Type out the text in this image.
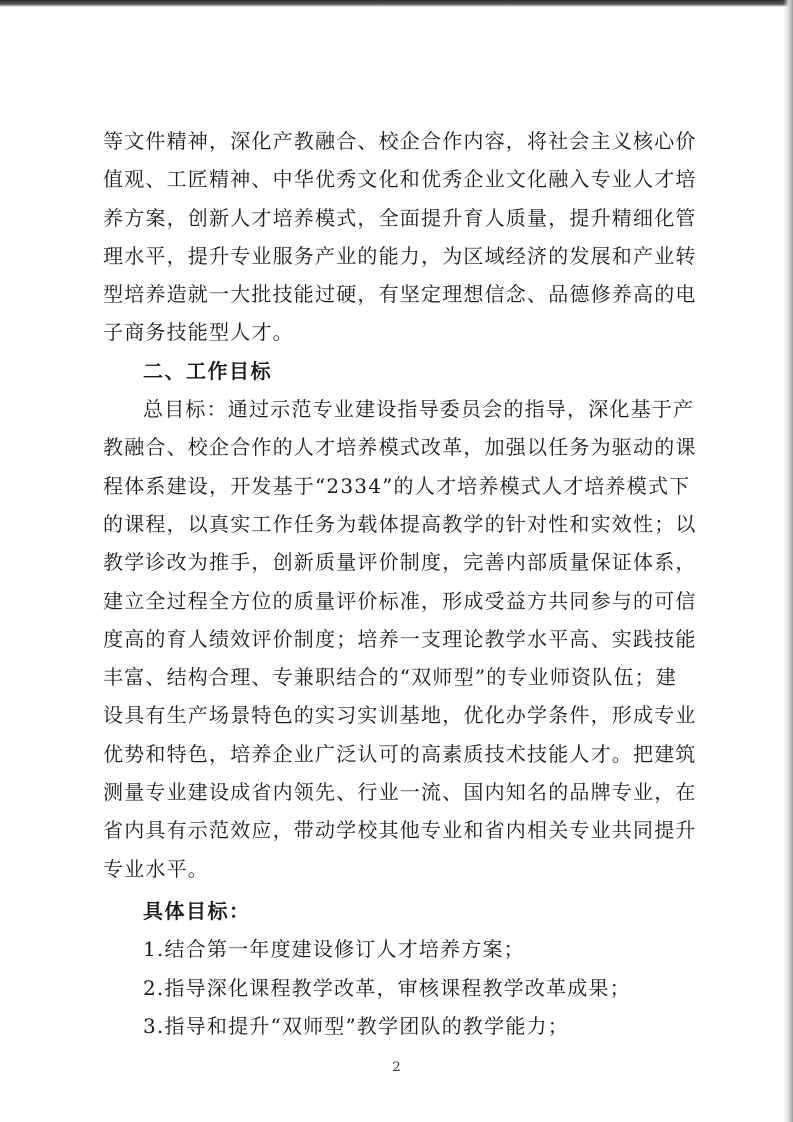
等文件精神，深化产教融合、校企合作内容，将社会主义核心价
值观、工匠精神、中华优秀文化和优秀企业文化融入专业人才培
养方案，创新人才培养模式，全面提升育人质量，提升精细化管
理水平，提升专业服务产业的能力，为区域经济的发展和产业转
型培养造就一大批技能过硬，有坚定理想信念、品德修养高的电
子商务技能型人才。
二、工作目标
总目标：通过示范专业建设指导委员会的指导，深化基于产
教融合、校企合作的人才培养模式改革，加强以任务为驱动的课
程体系建设，开发基于“2334”的人才培养模式人才培养模式下
的课程，以真实工作任务为载体提高教学的针对性和实效性；以
教学诊改为推手，创新质量评价制度，完善内部质量保证体系，
建立全过程全方位的质量评价标准，形成受益方共同参与的可信
度高的育人绩效评价制度；培养一支理论教学水平高、实践技能
丰富、结构合理、专兼职结合的“双师型”的专业师资队伍；建
设具有生产场景特色的实习实训基地，优化办学条件，形成专业
优势和特色，培养企业广泛认可的高素质技术技能人才。把建筑
测量专业建设成省内领先、行业一流、国内知名的品牌专业，在
省内具有示范效应，带动学校其他专业和省内相关专业共同提升
专业水平。
具体目标：
1.结合第一年度建设修订人才培养方案；
2.指导深化课程教学改革，审核课程教学改革成果；
3.指导和提升“双师型”教学团队的教学能力；
2
